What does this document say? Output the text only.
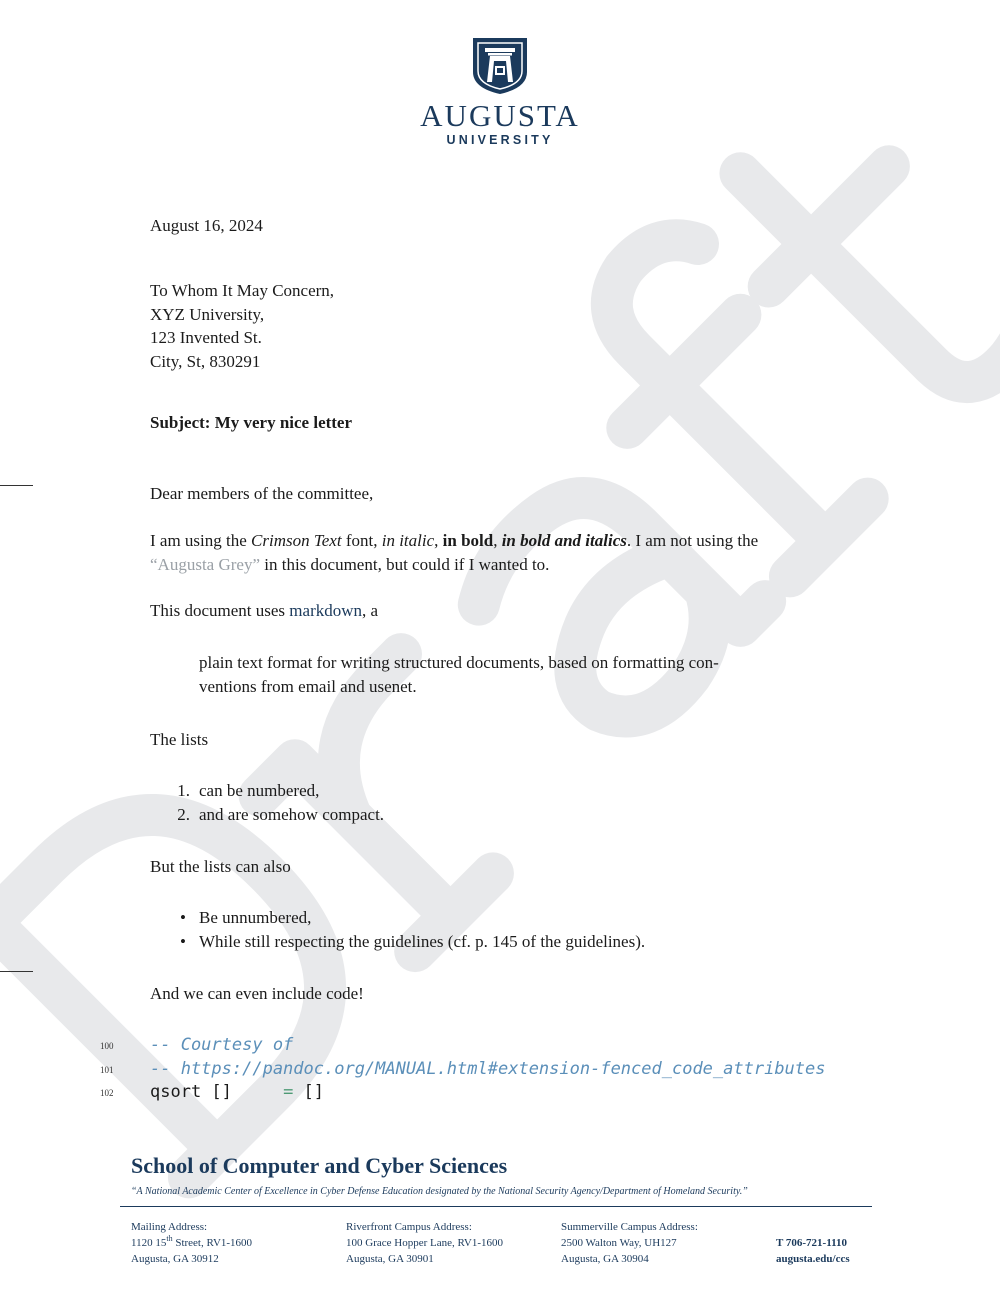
AUGUSTA
UNIVERSITY
August 16, 2024
To Whom It May Concern,
XYZ University,
123 Invented St.
City, St, 830291
Subject: My very nice letter
Dear members of the committee,
I am using the Crimson Text font, in italic, in bold, in bold and italics. I am not using the
“Augusta Grey” in this document, but could if I wanted to.
This document uses markdown, a
plain text format for writing structured documents, based on formatting con-
ventions from email and usenet.
The lists
1. can be numbered,
2. and are somehow compact.
But the lists can also
• Be unnumbered,
• While still respecting the guidelines (cf. p. 145 of the guidelines).
And we can even include code!
100	-- Courtesy of
101	-- https://pandoc.org/MANUAL.html#extension-fenced_code_attributes
102	qsort []     = []
School of Computer and Cyber Sciences
“A National Academic Center of Excellence in Cyber Defense Education designated by the National Security Agency/Department of Homeland Security.”
Mailing Address:
1120 15th Street, RV1-1600
Augusta, GA 30912
Riverfront Campus Address:
100 Grace Hopper Lane, RV1-1600
Augusta, GA 30901
Summerville Campus Address:
2500 Walton Way, UH127
Augusta, GA 30904
T 706-721-1110
augusta.edu/ccs
